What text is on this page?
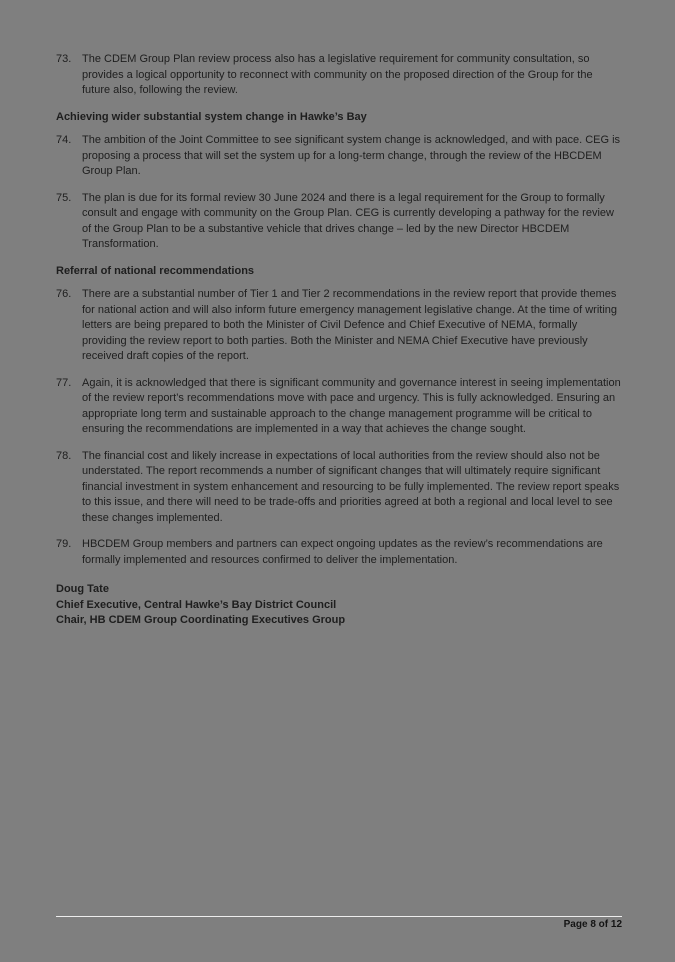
73. The CDEM Group Plan review process also has a legislative requirement for community consultation, so provides a logical opportunity to reconnect with community on the proposed direction of the Group for the future also, following the review.
Achieving wider substantial system change in Hawke’s Bay
74. The ambition of the Joint Committee to see significant system change is acknowledged, and with pace. CEG is proposing a process that will set the system up for a long-term change, through the review of the HBCDEM Group Plan.
75. The plan is due for its formal review 30 June 2024 and there is a legal requirement for the Group to formally consult and engage with community on the Group Plan. CEG is currently developing a pathway for the review of the Group Plan to be a substantive vehicle that drives change – led by the new Director HBCDEM Transformation.
Referral of national recommendations
76. There are a substantial number of Tier 1 and Tier 2 recommendations in the review report that provide themes for national action and will also inform future emergency management legislative change. At the time of writing letters are being prepared to both the Minister of Civil Defence and Chief Executive of NEMA, formally providing the review report to both parties. Both the Minister and NEMA Chief Executive have previously received draft copies of the report.
77. Again, it is acknowledged that there is significant community and governance interest in seeing implementation of the review report’s recommendations move with pace and urgency. This is fully acknowledged. Ensuring an appropriate long term and sustainable approach to the change management programme will be critical to ensuring the recommendations are implemented in a way that achieves the change sought.
78. The financial cost and likely increase in expectations of local authorities from the review should also not be understated. The report recommends a number of significant changes that will ultimately require significant financial investment in system enhancement and resourcing to be fully implemented. The review report speaks to this issue, and there will need to be trade-offs and priorities agreed at both a regional and local level to see these changes implemented.
79. HBCDEM Group members and partners can expect ongoing updates as the review’s recommendations are formally implemented and resources confirmed to deliver the implementation.
Doug Tate
Chief Executive, Central Hawke’s Bay District Council
Chair, HB CDEM Group Coordinating Executives Group
Page 8 of 12
